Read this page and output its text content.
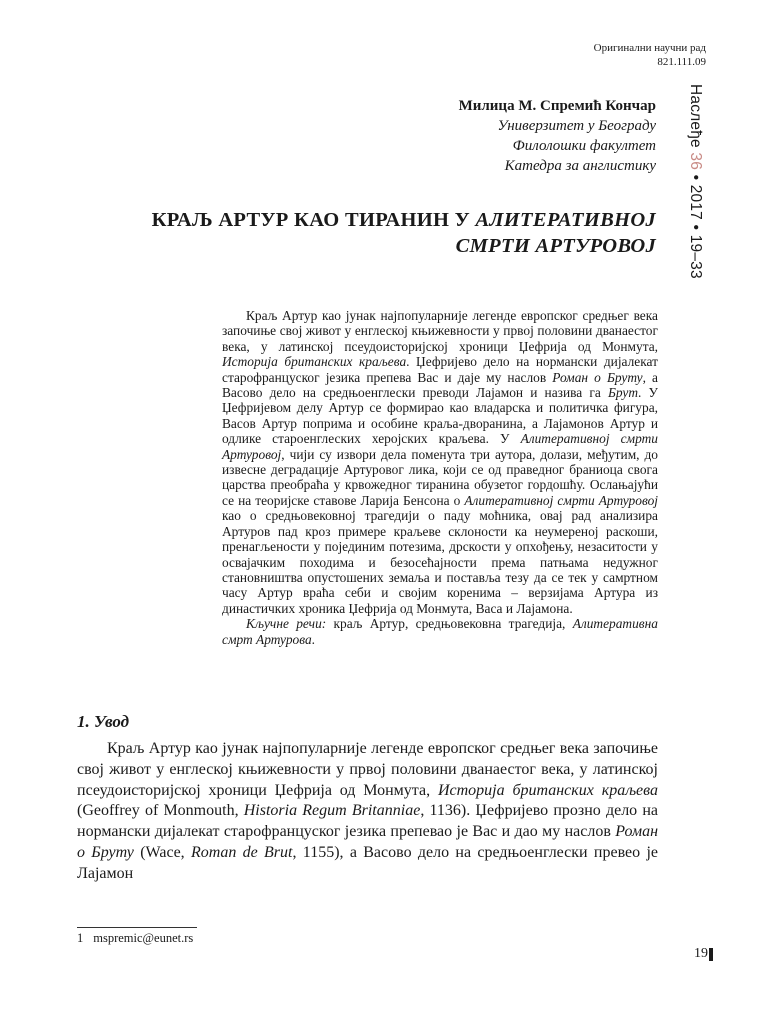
Оригинални научни рад
821.111.09
Милица М. Спремић Кончар
Универзитет у Београду
Филолошки факултет
Катедра за англистику
Наслеђе 36 • 2017 • 19–33
КРАЉ АРТУР КАО ТИРАНИН У АЛИТЕРАТИВНОЈ
СМРТИ АРТУРОВОЈ

Краљ Артур као јунак најпопуларније легенде европског средњег века започиње свој живот у енглеској књижевности у првој половини дванаестог века, у латинској псеудоисторијској хроници Џефрија од Монмута, Историја британских краљева. Џефријево дело на нормански дијалекат старофранцуског језика препева Вас и даје му наслов Роман о Бруту, а Васово дело на средњоенглески преводи Лајамон и назива га Брут. У Џефријевом делу Артур се формирао као владарска и политичка фигура, Васов Артур поприма и особине краља-дворанина, а Лајамонов Артур и одлике староенглеских херојских краљева. У Алитеративној смрти Артуровој, чији су извори дела поменута три аутора, долази, међутим, до извесне деградације Артуровог лика, који се од праведног браниоца свога царства преобраћа у крвожедног тиранина обузетог гордошћу. Ослањајући се на теоријске ставове Ларија Бенсона о Алитеративној смрти Артуровој као о средњовековној трагедији о паду моћника, овај рад анализира Артуров пад кроз примере краљеве склоности ка неумереној раскоши, пренагљености у појединим потезима, дрскости у опхођењу, незаситости у освајачким походима и безосећајности према патњама недужног становништва опустошених земаља и поставља тезу да се тек у самртном часу Артур враћа себи и својим коренима – верзијама Артура из династичких хроника Џефрија од Монмута, Васа и Лајамона.

Кључне речи: краљ Артур, средњовековна трагедија, Алитеративна смрт Артурова.

1. Увод

Краљ Артур као јунак најпопуларније легенде европског средњег века започиње свој живот у енглеској књижевности у првој половини дванаестог века, у латинској псеудоисторијској хроници Џефрија од Монмута, Историја британских краљева (Geoffrey of Monmouth, Historia Regum Britanniae, 1136). Џефријево прозно дело на нормански дијалекат старофранцуског језика препевао је Вас и дао му наслов Роман о Бруту (Wace, Roman de Brut, 1155), а Васово дело на средњоенглески превео је Лајамон

1 mspremic@eunet.rs
19
